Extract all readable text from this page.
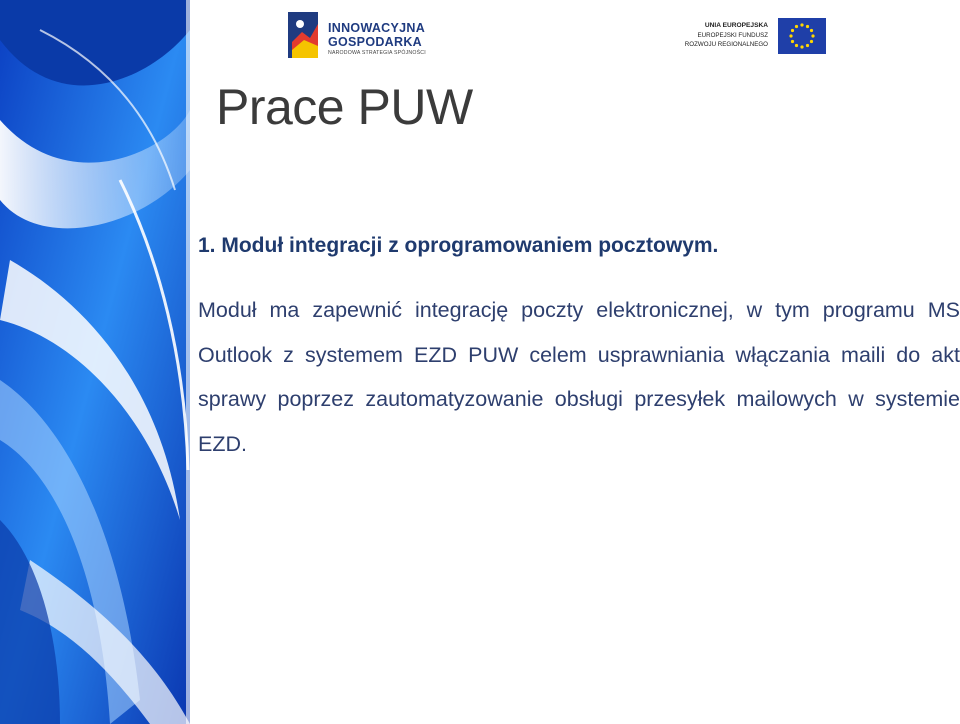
INNOWACYJNA
GOSPODARKA
NARODOWA STRATEGIA SPÓJNOŚCI
UNIA EUROPEJSKA
EUROPEJSKI FUNDUSZ
ROZWOJU REGIONALNEGO
Prace PUW
1. Moduł integracji z oprogramowaniem pocztowym.

Moduł ma zapewnić integrację poczty elektronicznej, w tym programu MS Outlook z systemem EZD PUW celem usprawniania włączania maili do akt sprawy poprzez zautomatyzowanie obsługi przesyłek mailowych w systemie EZD.
